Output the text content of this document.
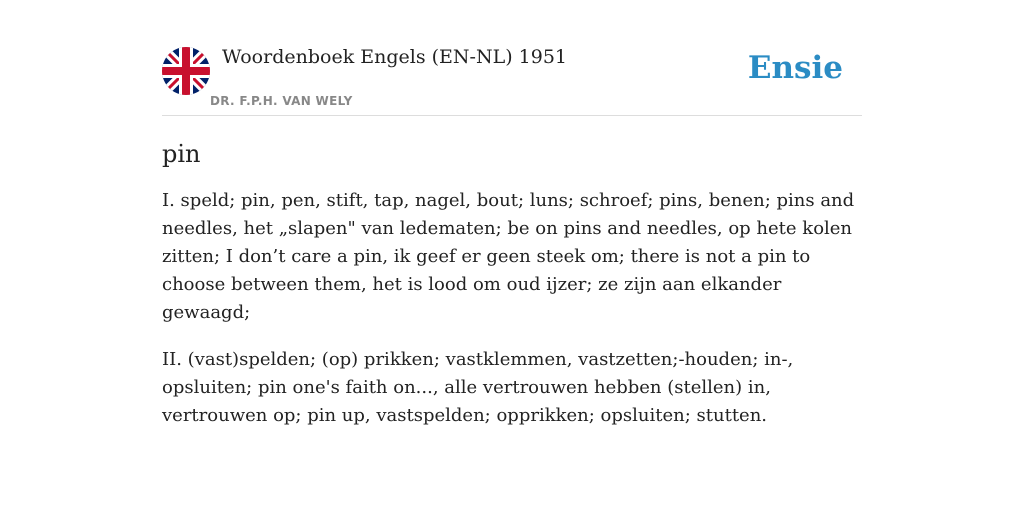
Woordenboek Engels (EN-NL) 1951
DR. F.P.H. VAN WELY
Ensie
pin

I. speld; pin, pen, stift, tap, nagel, bout; luns; schroef; pins, benen; pins and needles, het „slapen" van ledematen; be on pins and needles, op hete kolen zitten; I don’t care a pin, ik geef er geen steek om; there is not a pin to choose between them, het is lood om oud ijzer; ze zijn aan elkander gewaagd;

II. (vast)spelden; (op) prikken; vastklemmen, vastzetten;-houden; in-, opsluiten; pin one's faith on..., alle vertrouwen hebben (stellen) in, vertrouwen op; pin up, vastspelden; opprikken; opsluiten; stutten.
